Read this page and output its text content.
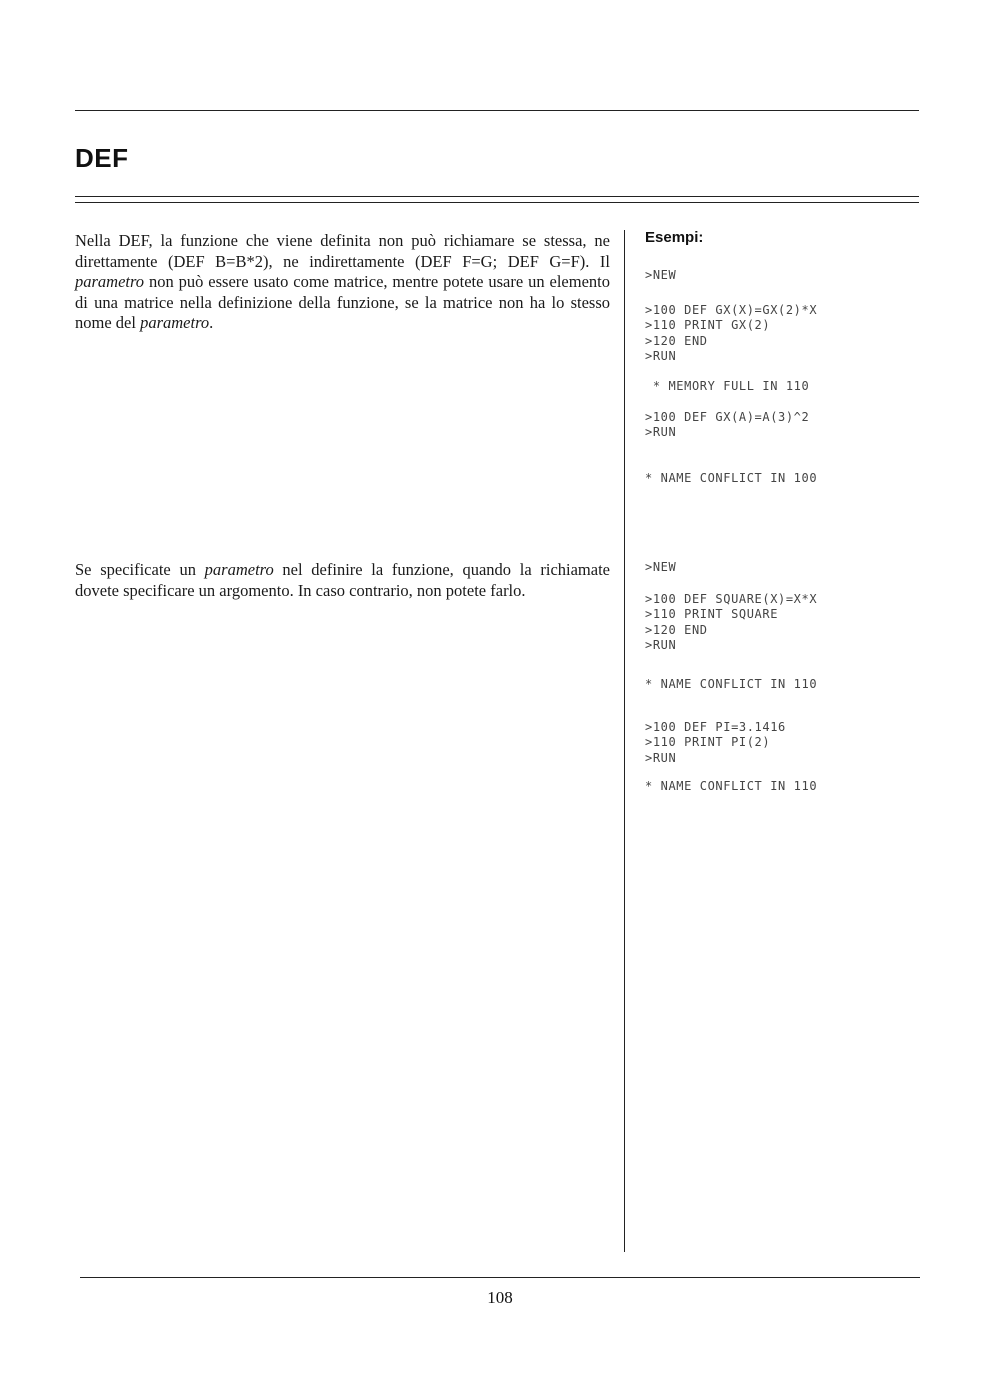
DEF
Nella DEF, la funzione che viene definita non può richiamare se stessa, ne direttamente (DEF B=B*2), ne indirettamente (DEF F=G; DEF G=F). Il parametro non può essere usato come matrice, mentre potete usare un elemento di una matrice nella definizione della funzione, se la matrice non ha lo stesso nome del parametro.
Se specificate un parametro nel definire la funzione, quando la richiamate dovete specificare un argomento. In caso contrario, non potete farlo.
Esempi:
>NEW
>100 DEF GX(X)=GX(2)*X
>110 PRINT GX(2)
>120 END
>RUN
* MEMORY FULL IN 110
>100 DEF GX(A)=A(3)^2
>RUN
* NAME CONFLICT IN 100
>NEW
>100 DEF SQUARE(X)=X*X
>110 PRINT SQUARE
>120 END
>RUN
* NAME CONFLICT IN 110
>100 DEF PI=3.1416
>110 PRINT PI(2)
>RUN
* NAME CONFLICT IN 110
108
